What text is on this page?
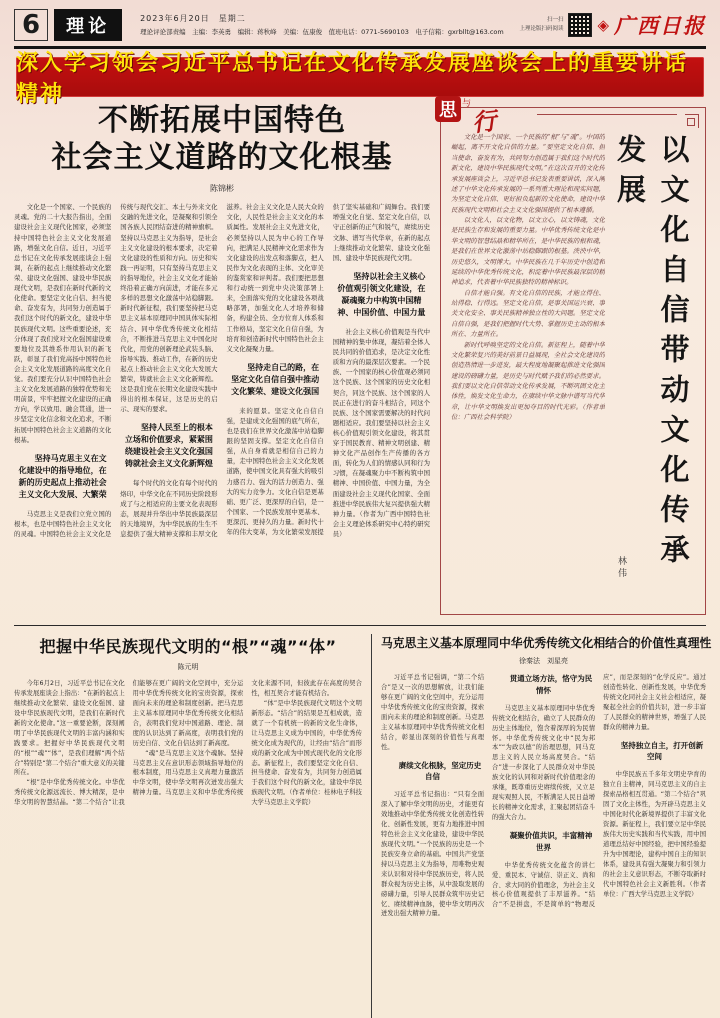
6	理论	2023年6月20日　星期二
理论评论部责编　主编：李英勇　编辑：蒋秋峰　美编：伍康俊　值班电话：0771-5690103　电子信箱：gxrbllt@163.com
扫一扫
上理论版扫码阅读 ◈ 广西日报
深入学习领会习近平总书记在文化传承发展座谈会上的重要讲话精神
不断拓展中国特色
社会主义道路的文化根基
陈锦彬

文化是一个国家、一个民族的灵魂。党的二十大报告指出，全面建设社会主义现代化国家，必须坚持中国特色社会主义文化发展道路，增强文化自信。近日，习近平总书记在文化传承发展座谈会上强调，在新的起点上继续推动文化繁荣、建设文化强国、建设中华民族现代文明，是我们在新时代新的文化使命。要坚定文化自信、担当使命、奋发有为，共同努力创造属于我们这个时代的新文化，建设中华民族现代文明。这些重要论述，充分体现了我们党对文化强国建设重要地位及其维系作用认识的新飞跃，彰显了我们党高扬中国特色社会主义文化发展道路的高度文化自觉。我们要充分认识中国特色社会主义文化发展道路的独特优势和光明前景，牢牢把握文化建设的正确方向，学以致用、融会贯通，进一步坚定文化信念和文化追求，不断拓展中国特色社会主义道路的文化根基。

坚持马克思主义在文化建设中的指导地位，在新的历史起点上推动社会主义文化大发展、大繁荣

马克思主义是我们立党立国的根本，也是中国特色社会主义文化的灵魂。中国特色社会主义文化是传统与现代交汇、本土与外来文化交融的先进文化，是凝聚和引领全国各族人民团结奋进的精神旗帜。坚持以马克思主义为指导，是社会主义文化建设的根本要求，决定着文化建设的性质和方向。历史和实践一再证明，只有坚持马克思主义的指导地位，社会主义文化才能始终沿着正确方向前进，才能在多元多样的思想文化激荡中站稳脚跟。新时代新征程，我们要坚持把马克思主义基本原理同中国具体实际相结合、同中华优秀传统文化相结合，不断推进马克思主义中国化时代化，用党的创新理论武装头脑、指导实践、推动工作，在新的历史起点上推动社会主义文化大发展大繁荣，铸就社会主义文化新辉煌。这是我们党在长期文化建设实践中得出的根本保证，这是历史的启示、现实的要求。

坚持人民至上的根本立场和价值要求，紧紧围绕建设社会主义文化强国铸就社会主义文化新辉煌

每个时代的文化有每个时代的烙印，中华文化在不同历史阶段形成了与之相适应的主要文化表现形态，展现并升华出中华民族最深层的天地境界，为中华民族的生生不息提供了强大精神支撑和丰厚文化滋养。社会主义文化是人民大众的文化，人民性是社会主义文化的本质属性。发展社会主义先进文化，必须坚持以人民为中心的工作导向，把满足人民精神文化需求作为文化建设的出发点和落脚点，把人民作为文化表现的主体、文化审美的鉴赏家和评判者。我们要把思想和行动统一到党中央决策部署上来，全面落实党的文化建设各项战略部署，加强文化人才培养和储备，构建全员、全方位育人体系和工作格局，坚定文化自信自强，为培育和创造新时代中国特色社会主义文化凝聚力量。

坚持走自己的路，在坚定文化自信自强中推动文化繁荣、建设文化强国

来的愿景。坚定文化自信自强，是建成文化强国的底气所在，也是我们在世界文化激荡中站稳脚跟的坚固支撑。坚定文化自信自强，从自身看就是相信自己的力量，走中国特色社会主义文化发展道路，使中国文化具有强大的吸引力感召力、强大的活力创造力、强大的实力竞争力。文化自信是更基础、更广泛、更深厚的自信，是一个国家、一个民族发展中更基本、更深沉、更持久的力量。新时代十年的伟大变革，为文化繁荣发展提供了坚实基础和广阔舞台。我们要增强文化自觉、坚定文化自信，以守正创新的正气和锐气，赓续历史文脉、谱写当代华章，在新的起点上继续推动文化繁荣、建设文化强国、建设中华民族现代文明。

坚持以社会主义核心价值观引领文化建设，在凝魂聚力中构筑中国精神、中国价值、中国力量

社会主义核心价值观是当代中国精神的集中体现，凝结着全体人民共同的价值追求，是决定文化性质和方向的最深层次要素。一个民族、一个国家的核心价值观必须同这个民族、这个国家的历史文化相契合，同这个民族、这个国家的人民正在进行的奋斗相结合，同这个民族、这个国家需要解决的时代问题相适应。我们要坚持以社会主义核心价值观引领文化建设，将其贯穿于国民教育、精神文明创建、精神文化产品创作生产传播的各方面，转化为人们的情感认同和行为习惯，在凝魂聚力中不断构筑中国精神、中国价值、中国力量，为全面建设社会主义现代化国家、全面推进中华民族伟大复兴提供强大精神力量。（作者为广西中国特色社会主义理论体系研究中心特约研究员）

思 与
行

文化是一个国家、一个民族的“根”与“魂”。中国的崛起，离不开文化自信的力量。“要坚定文化自信、担当使命、奋发有为，共同努力创造属于我们这个时代的新文化，建设中华民族现代文明。”在这次召开的文化传承发展座谈会上，习近平总书记发表重要讲话，深入阐述了中华文化传承发展的一系列重大理论和现实问题，为坚定文化自信、更好担负起新的文化使命，建设中华民族现代文明和社会主义文化强国提供了根本遵循。

以文化人，以文化物，以文立心，以文铸魂，文化是民族生存和发展的重要力量。中华优秀传统文化是中华文明的智慧结晶和精华所在，是中华民族的根和魂，是我们在世界文化激荡中站稳脚跟的根基。泱泱中华，历史悠久，文明博大。中华民族在几千年历史中创造和延续的中华优秀传统文化，积淀着中华民族最深层的精神追求，代表着中华民族独特的精神标识。

自信才能自强。有文化自信的民族，才能立得住、站得稳、行得远。坚定文化自信，是事关国运兴衰、事关文化安全、事关民族精神独立性的大问题。坚定文化自信自强，是我们把握时代大势、掌握历史主动的根本所在、力量所在。

新时代呼唤坚定的文化自信。新征程上，随着中华文化繁荣复兴的美好前景日益展现，全社会文化建设的创造热情进一步迸发，最大程度地凝聚起推进文化强国建设的磅礴力量，是历史与时代赋予我们的必然要求。我们要以文化自信带动文化传承发展，不断巩固文化主体性，焕发文化生命力，在赓续中华文脉中谱写当代华章，让中华文明焕发出更加夺目的时代光彩。（作者单位：广西社会科学院）	以文化自信带动文化传承发展
林伟
把握中华民族现代文明的“根”“魂”“体”
陈元明

今年6月2日，习近平总书记在文化传承发展座谈会上指出：“在新的起点上继续推动文化繁荣、建设文化强国、建设中华民族现代文明，是我们在新时代新的文化使命。”这一重要论断，深刻阐明了中华民族现代文明的丰富内涵和实践要求。把握好中华民族现代文明的“根”“魂”“体”，是我们理解“两个结合”特别是“第二个结合”重大意义的关键所在。

“根”是中华优秀传统文化。中华优秀传统文化源远流长、博大精深，是中华文明的智慧结晶。“第二个结合”让我们能够在更广阔的文化空间中，充分运用中华优秀传统文化的宝贵资源，探索面向未来的理论和制度创新。把马克思主义基本原理同中华优秀传统文化相结合，表明我们党对中国道路、理论、制度的认识达到了新高度，表明我们党的历史自信、文化自信达到了新高度。

“魂”是马克思主义这个魂脉。坚持马克思主义在意识形态领域指导地位的根本制度，用马克思主义真理力量激活中华文明，使中华文明再次迸发出强大精神力量。马克思主义和中华优秀传统文化来源不同，但彼此存在高度的契合性，相互契合才能有机结合。

“体”是中华民族现代文明这个文明新形态。“结合”的结果是互相成就，造就了一个有机统一的新的文化生命体，让马克思主义成为中国的，中华优秀传统文化成为现代的，让经由“结合”而形成的新文化成为中国式现代化的文化形态。新征程上，我们要坚定文化自信、担当使命、奋发有为，共同努力创造属于我们这个时代的新文化，建设中华民族现代文明。（作者单位：桂林电子科技大学马克思主义学院）

马克思主义基本原理同中华优秀传统文化相结合的价值性真理性
徐秦法　刘星亮

习近平总书记强调，“第二个结合”是又一次的思想解放，让我们能够在更广阔的文化空间中，充分运用中华优秀传统文化的宝贵资源，探索面向未来的理论和制度创新。马克思主义基本原理同中华优秀传统文化相结合，彰显出深刻的价值性与真理性。

赓续文化根脉，坚定历史自信

习近平总书记指出：“只有全面深入了解中华文明的历史，才能更有效地推动中华优秀传统文化创造性转化、创新性发展，更有力地推进中国特色社会主义文化建设，建设中华民族现代文明。”一个民族的历史是一个民族安身立命的基础。中国共产党坚持以马克思主义为指导，用唯物史观来认识和对待中华民族历史，将人民群众视为历史主体，从中汲取发展的磅礴力量，引导人民群众筑牢历史记忆、赓续精神血脉，使中华文明再次迸发出强大精神力量。

贯通立场方法，恪守为民情怀

马克思主义基本原理同中华优秀传统文化相结合，确立了人民群众的历史主体地位，饱含着深厚的为民情怀。中华优秀传统文化中“民为邦本”“为政以德”的治理思想，同马克思主义的人民立场高度契合。“结合”进一步深化了人民群众对中华民族文化的认同和对新时代价值理念的承继，既尊重历史赓续传统，又立足现实观照人民，不断满足人民日益增长的精神文化需求，汇聚起团结奋斗的强大合力。

凝聚价值共识，丰富精神世界

中华优秀传统文化蕴含的讲仁爱、重民本、守诚信、崇正义、尚和合、求大同的价值理念，为社会主义核心价值观提供了丰厚滋养。“结合”不是拼盘，不是简单的“物理反应”，而是深刻的“化学反应”。通过创造性转化、创新性发展，中华优秀传统文化同社会主义社会相适应，凝聚起全社会的价值共识，进一步丰富了人民群众的精神世界，增强了人民群众的精神力量。

坚持独立自主，打开创新空间

中华民族五千多年文明史孕育的独立自主精神，同马克思主义的自主探索品格相互贯通。“第二个结合”巩固了文化主体性，为开辟马克思主义中国化时代化新境界提供了丰富文化资源。新征程上，我们要立足中华民族伟大历史实践和当代实践，用中国道理总结好中国经验，把中国经验提升为中国理论，建构中国自主的知识体系，建设具有强大凝聚力和引领力的社会主义意识形态，不断夺取新时代中国特色社会主义新胜利。（作者单位：广西大学马克思主义学院）
